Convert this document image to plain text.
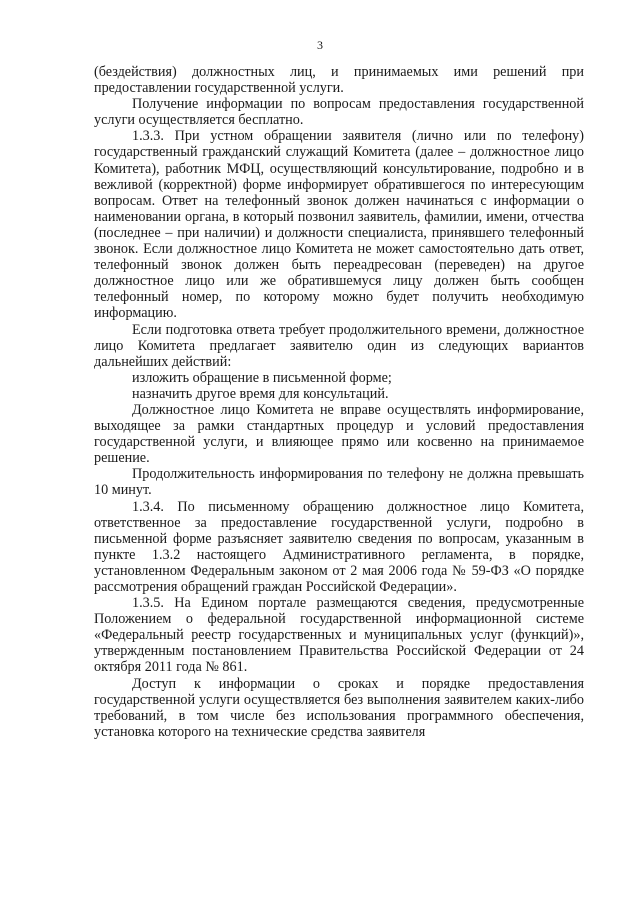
3

(бездействия) должностных лиц, и принимаемых ими решений при предоставлении государственной услуги.

Получение информации по вопросам предоставления государственной услуги осуществляется бесплатно.

1.3.3. При устном обращении заявителя (лично или по телефону) государственный гражданский служащий Комитета (далее – должностное лицо Комитета), работник МФЦ, осуществляющий консультирование, подробно и в вежливой (корректной) форме информирует обратившегося по интересующим вопросам. Ответ на телефонный звонок должен начинаться с информации о наименовании органа, в который позвонил заявитель, фамилии, имени, отчества (последнее – при наличии) и должности специалиста, принявшего телефонный звонок. Если должностное лицо Комитета не может самостоятельно дать ответ, телефонный звонок должен быть переадресован (переведен) на другое должностное лицо или же обратившемуся лицу должен быть сообщен телефонный номер, по которому можно будет получить необходимую информацию.

Если подготовка ответа требует продолжительного времени, должностное лицо Комитета предлагает заявителю один из следующих вариантов дальнейших действий:

изложить обращение в письменной форме;

назначить другое время для консультаций.

Должностное лицо Комитета не вправе осуществлять информирование, выходящее за рамки стандартных процедур и условий предоставления государственной услуги, и влияющее прямо или косвенно на принимаемое решение.

Продолжительность информирования по телефону не должна превышать 10 минут.

1.3.4. По письменному обращению должностное лицо Комитета, ответственное за предоставление государственной услуги, подробно в письменной форме разъясняет заявителю сведения по вопросам, указанным в пункте 1.3.2 настоящего Административного регламента, в порядке, установленном Федеральным законом от 2 мая 2006 года № 59-ФЗ «О порядке рассмотрения обращений граждан Российской Федерации».

1.3.5. На Едином портале размещаются сведения, предусмотренные Положением о федеральной государственной информационной системе «Федеральный реестр государственных и муниципальных услуг (функций)», утвержденным постановлением Правительства Российской Федерации от 24 октября 2011 года № 861.

Доступ к информации о сроках и порядке предоставления государственной услуги осуществляется без выполнения заявителем каких-либо требований, в том числе без использования программного обеспечения, установка которого на технические средства заявителя
